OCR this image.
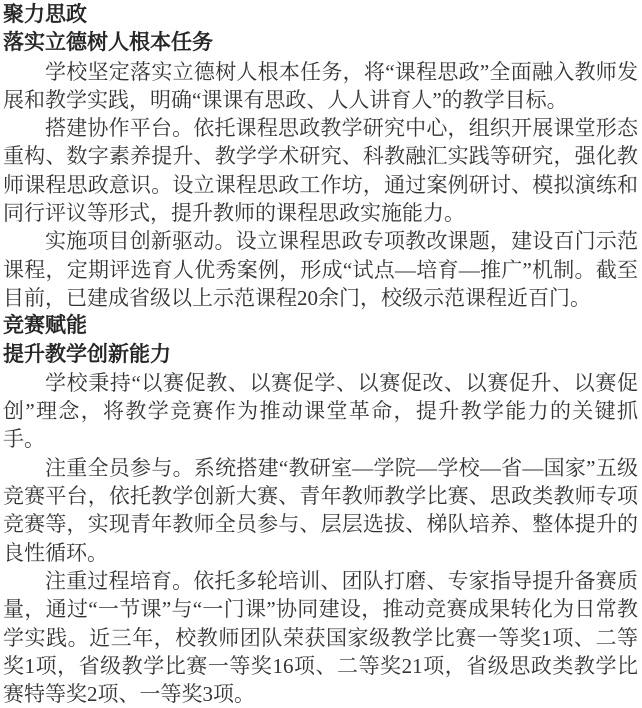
聚力思政
落实立德树人根本任务

学校坚定落实立德树人根本任务，将“课程思政”全面融入教师发展和教学实践，明确“课课有思政、人人讲育人”的教学目标。

搭建协作平台。依托课程思政教学研究中心，组织开展课堂形态重构、数字素养提升、教学学术研究、科教融汇实践等研究，强化教师课程思政意识。设立课程思政工作坊，通过案例研讨、模拟演练和同行评议等形式，提升教师的课程思政实施能力。

实施项目创新驱动。设立课程思政专项教改课题，建设百门示范课程，定期评选育人优秀案例，形成“试点—培育—推广”机制。截至目前，已建成省级以上示范课程20余门，校级示范课程近百门。

竞赛赋能
提升教学创新能力

学校秉持“以赛促教、以赛促学、以赛促改、以赛促升、以赛促创”理念，将教学竞赛作为推动课堂革命，提升教学能力的关键抓手。

注重全员参与。系统搭建“教研室—学院—学校—省—国家”五级竞赛平台，依托教学创新大赛、青年教师教学比赛、思政类教师专项竞赛等，实现青年教师全员参与、层层选拔、梯队培养、整体提升的良性循环。

注重过程培育。依托多轮培训、团队打磨、专家指导提升备赛质量，通过“一节课”与“一门课”协同建设，推动竞赛成果转化为日常教学实践。近三年，校教师团队荣获国家级教学比赛一等奖1项、二等奖1项，省级教学比赛一等奖16项、二等奖21项，省级思政类教学比赛特等奖2项、一等奖3项。
